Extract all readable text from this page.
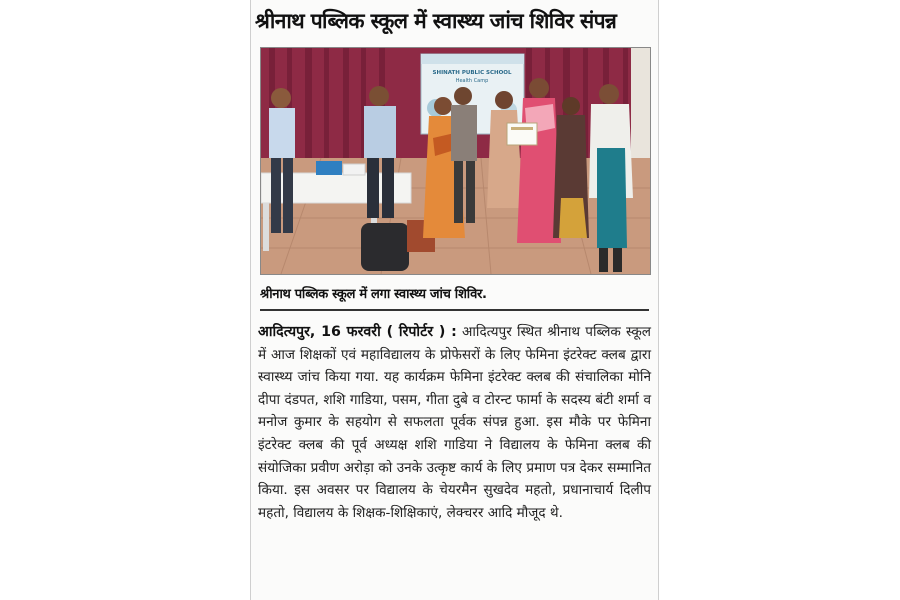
श्रीनाथ पब्लिक स्कूल में स्वास्थ्य जांच शिविर संपन्न
SHINATH PUBLIC SCHOOL
Health Camp
श्रीनाथ पब्लिक स्कूल में लगा स्वास्थ्य जांच शिविर.
आदित्यपुर, 16 फरवरी ( रिपोर्टर ) : आदित्यपुर स्थित श्रीनाथ पब्लिक स्कूल में आज शिक्षकों एवं महाविद्यालय के प्रोफेसरों के लिए फेमिना इंटरेक्ट क्लब द्वारा स्वास्थ्य जांच किया गया. यह कार्यक्रम फेमिना इंटरेक्ट क्लब की संचालिका मोनि दीपा दंडपत, शशि गाडिया, पसम, गीता दुबे व टोरन्ट फार्मा के सदस्य बंटी शर्मा व मनोज कुमार के सहयोग से सफलता पूर्वक संपन्न हुआ. इस मौके पर फेमिना इंटरेक्ट क्लब की पूर्व अध्यक्ष शशि गाडिया ने विद्यालय के फेमिना क्लब की संयोजिका प्रवीण अरोड़ा को उनके उत्कृष्ट कार्य के लिए प्रमाण पत्र देकर सम्मानित किया. इस अवसर पर विद्यालय के चेयरमैन सुखदेव महतो, प्रधानाचार्य दिलीप महतो, विद्यालय के शिक्षक-शिक्षिकाएं, लेक्चरर आदि मौजूद थे.
